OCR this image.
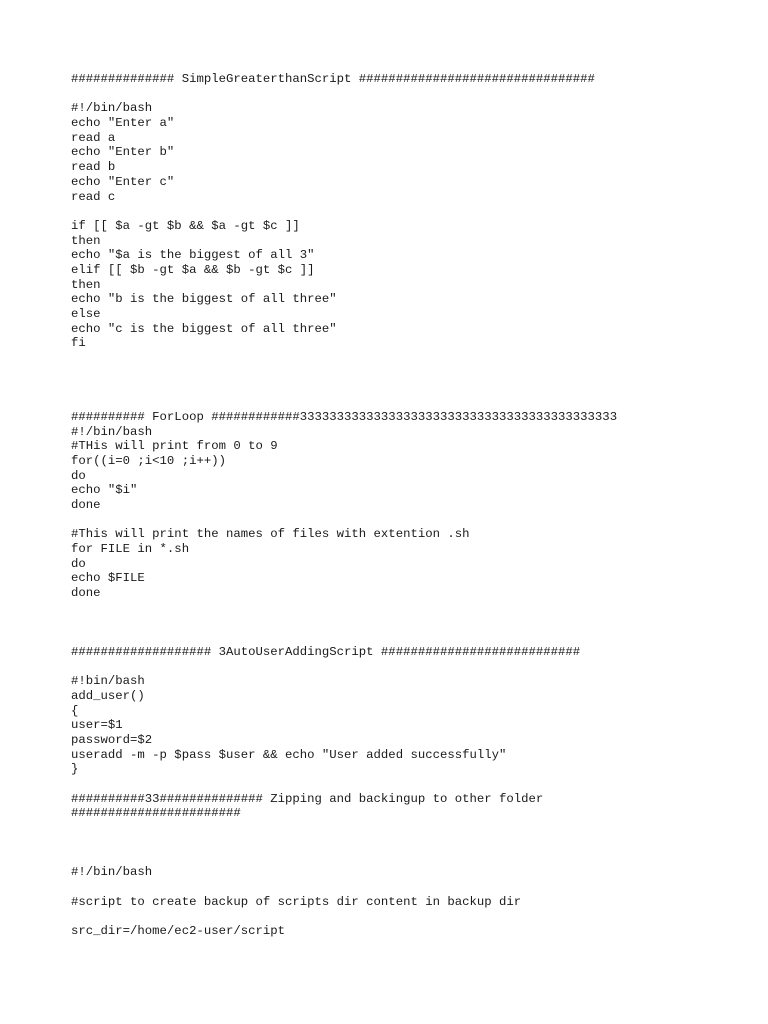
############## SimpleGreaterthanScript ################################
#!/bin/bash
echo "Enter a"
read a
echo "Enter b"
read b
echo "Enter c"
read c
if [[ $a -gt $b && $a -gt $c ]]
then
echo "$a is the biggest of all 3"
elif [[ $b -gt $a && $b -gt $c ]]
then
echo "b is the biggest of all three"
else
echo "c is the biggest of all three"
fi
########## ForLoop ############3333333333333333333333333333333333333333333
#!/bin/bash
#THis will print from 0 to 9
for((i=0 ;i<10 ;i++))
do
echo "$i"
done
#This will print the names of files with extention .sh
for FILE in *.sh
do
echo $FILE
done
################### 3AutoUserAddingScript ###########################
#!bin/bash
add_user()
{
user=$1
password=$2
useradd -m -p $pass $user && echo "User added successfully"
}
##########33############## Zipping and backingup to other folder
#######################
#!/bin/bash
#script to create backup of scripts dir content in backup dir
src_dir=/home/ec2-user/script
